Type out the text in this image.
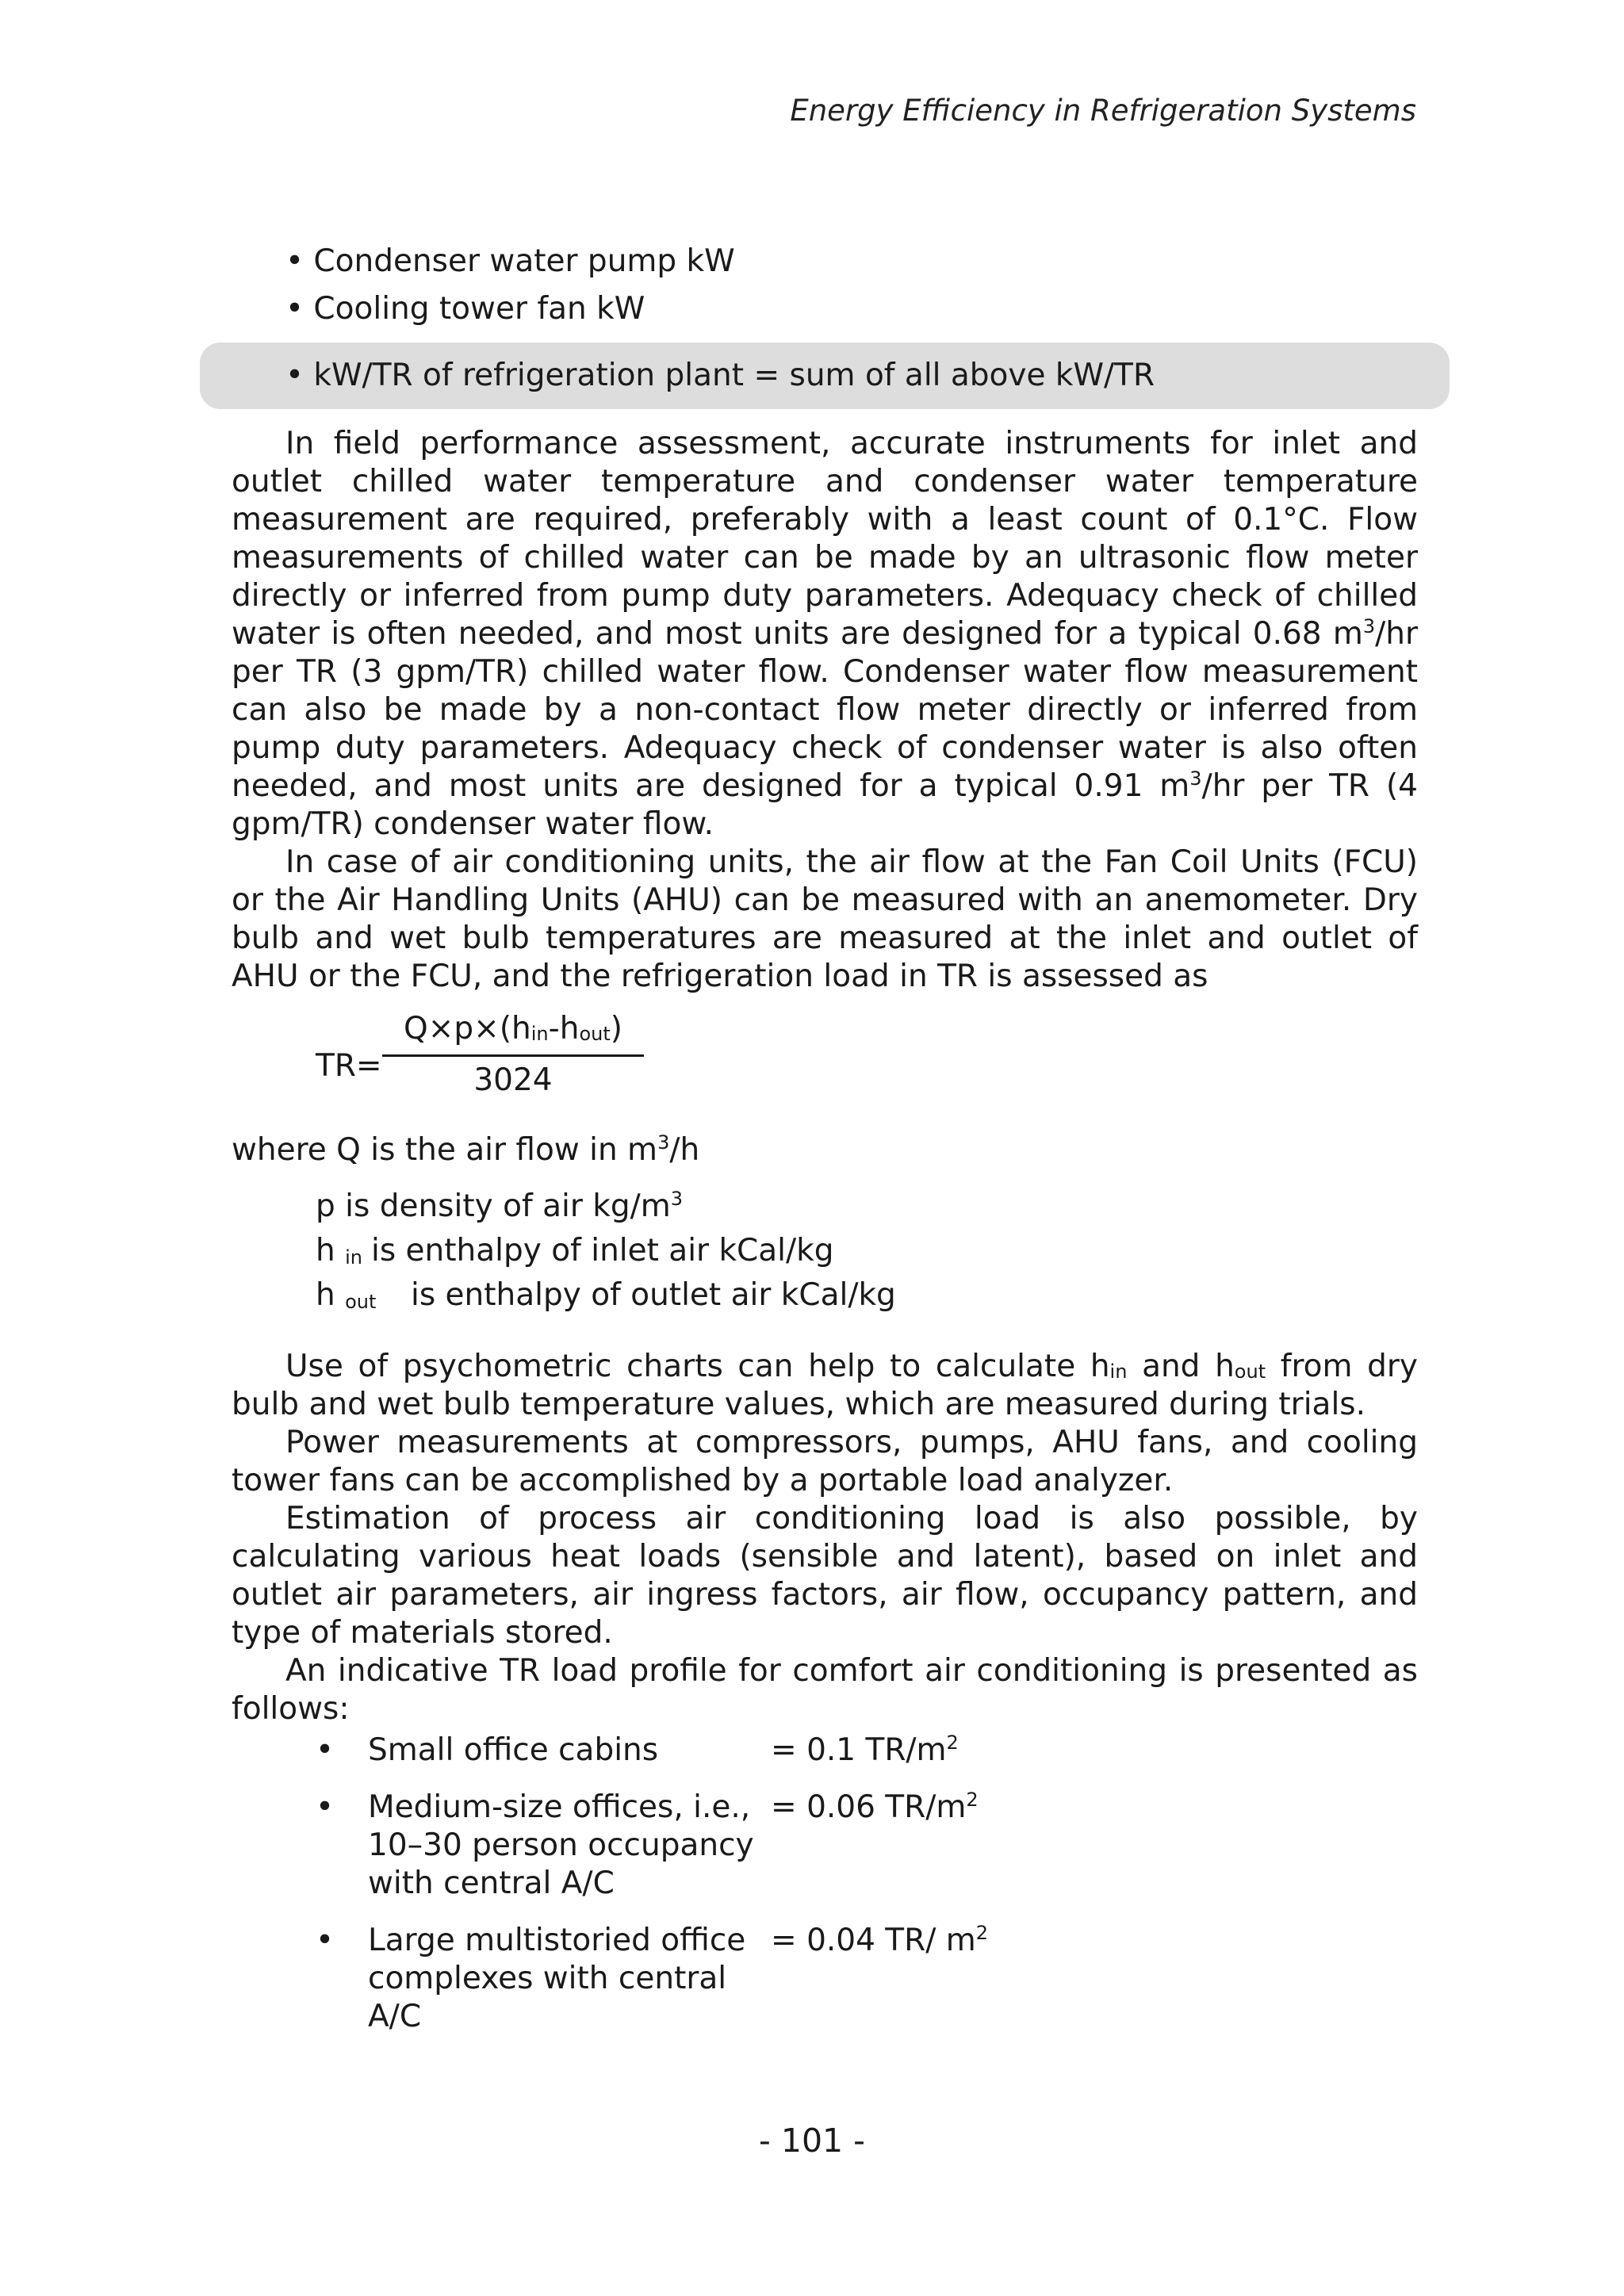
Energy Efficiency in Refrigeration Systems
• Condenser water pump kW
• Cooling tower fan kW
• kW/TR of refrigeration plant = sum of all above kW/TR

In field performance assessment, accurate instruments for inlet and outlet chilled water temperature and condenser water temperature measurement are required, preferably with a least count of 0.1°C. Flow measurements of chilled water can be made by an ultrasonic flow meter directly or inferred from pump duty parameters. Adequacy check of chilled water is often needed, and most units are designed for a typical 0.68 $m^3/hr$ per TR (3 gpm/TR) chilled water flow. Condenser water flow measurement can also be made by a non-contact flow meter directly or inferred from pump duty parameters. Adequacy check of condenser water is also often needed, and most units are designed for a typical 0.91 $m^3/hr$ per TR (4 gpm/TR) condenser water flow.

In case of air conditioning units, the air flow at the Fan Coil Units (FCU) or the Air Handling Units (AHU) can be measured with an anemometer. Dry bulb and wet bulb temperatures are measured at the inlet and outlet of AHU or the FCU, and the refrigeration load in TR is assessed as

TR=
$Q\times p\times(h_{in}-h_{out})$
3024
where Q is the air flow in $m^3/h$
p is density of air $kg/m^3$
h $_{in}$ is enthalpy of inlet air kCal/kg
h $_{out}$ is enthalpy of outlet air kCal/kg

Use of psychometric charts can help to calculate $h_{in}$ and $h_{out}$ from dry bulb and wet bulb temperature values, which are measured during trials.

Power measurements at compressors, pumps, AHU fans, and cooling tower fans can be accomplished by a portable load analyzer.

Estimation of process air conditioning load is also possible, by calculating various heat loads (sensible and latent), based on inlet and outlet air parameters, air ingress factors, air flow, occupancy pattern, and type of materials stored.

An indicative TR load profile for comfort air conditioning is presented as follows:

• Small office cabins	= 0.1 $TR/m^2$
• Medium-size offices, i.e.,
10–30 person occupancy
with central A/C
= 0.06 $TR/m^2$
• Large multistoried office
complexes with central A/C
= 0.04 TR/ $m^2$
- 101 -
